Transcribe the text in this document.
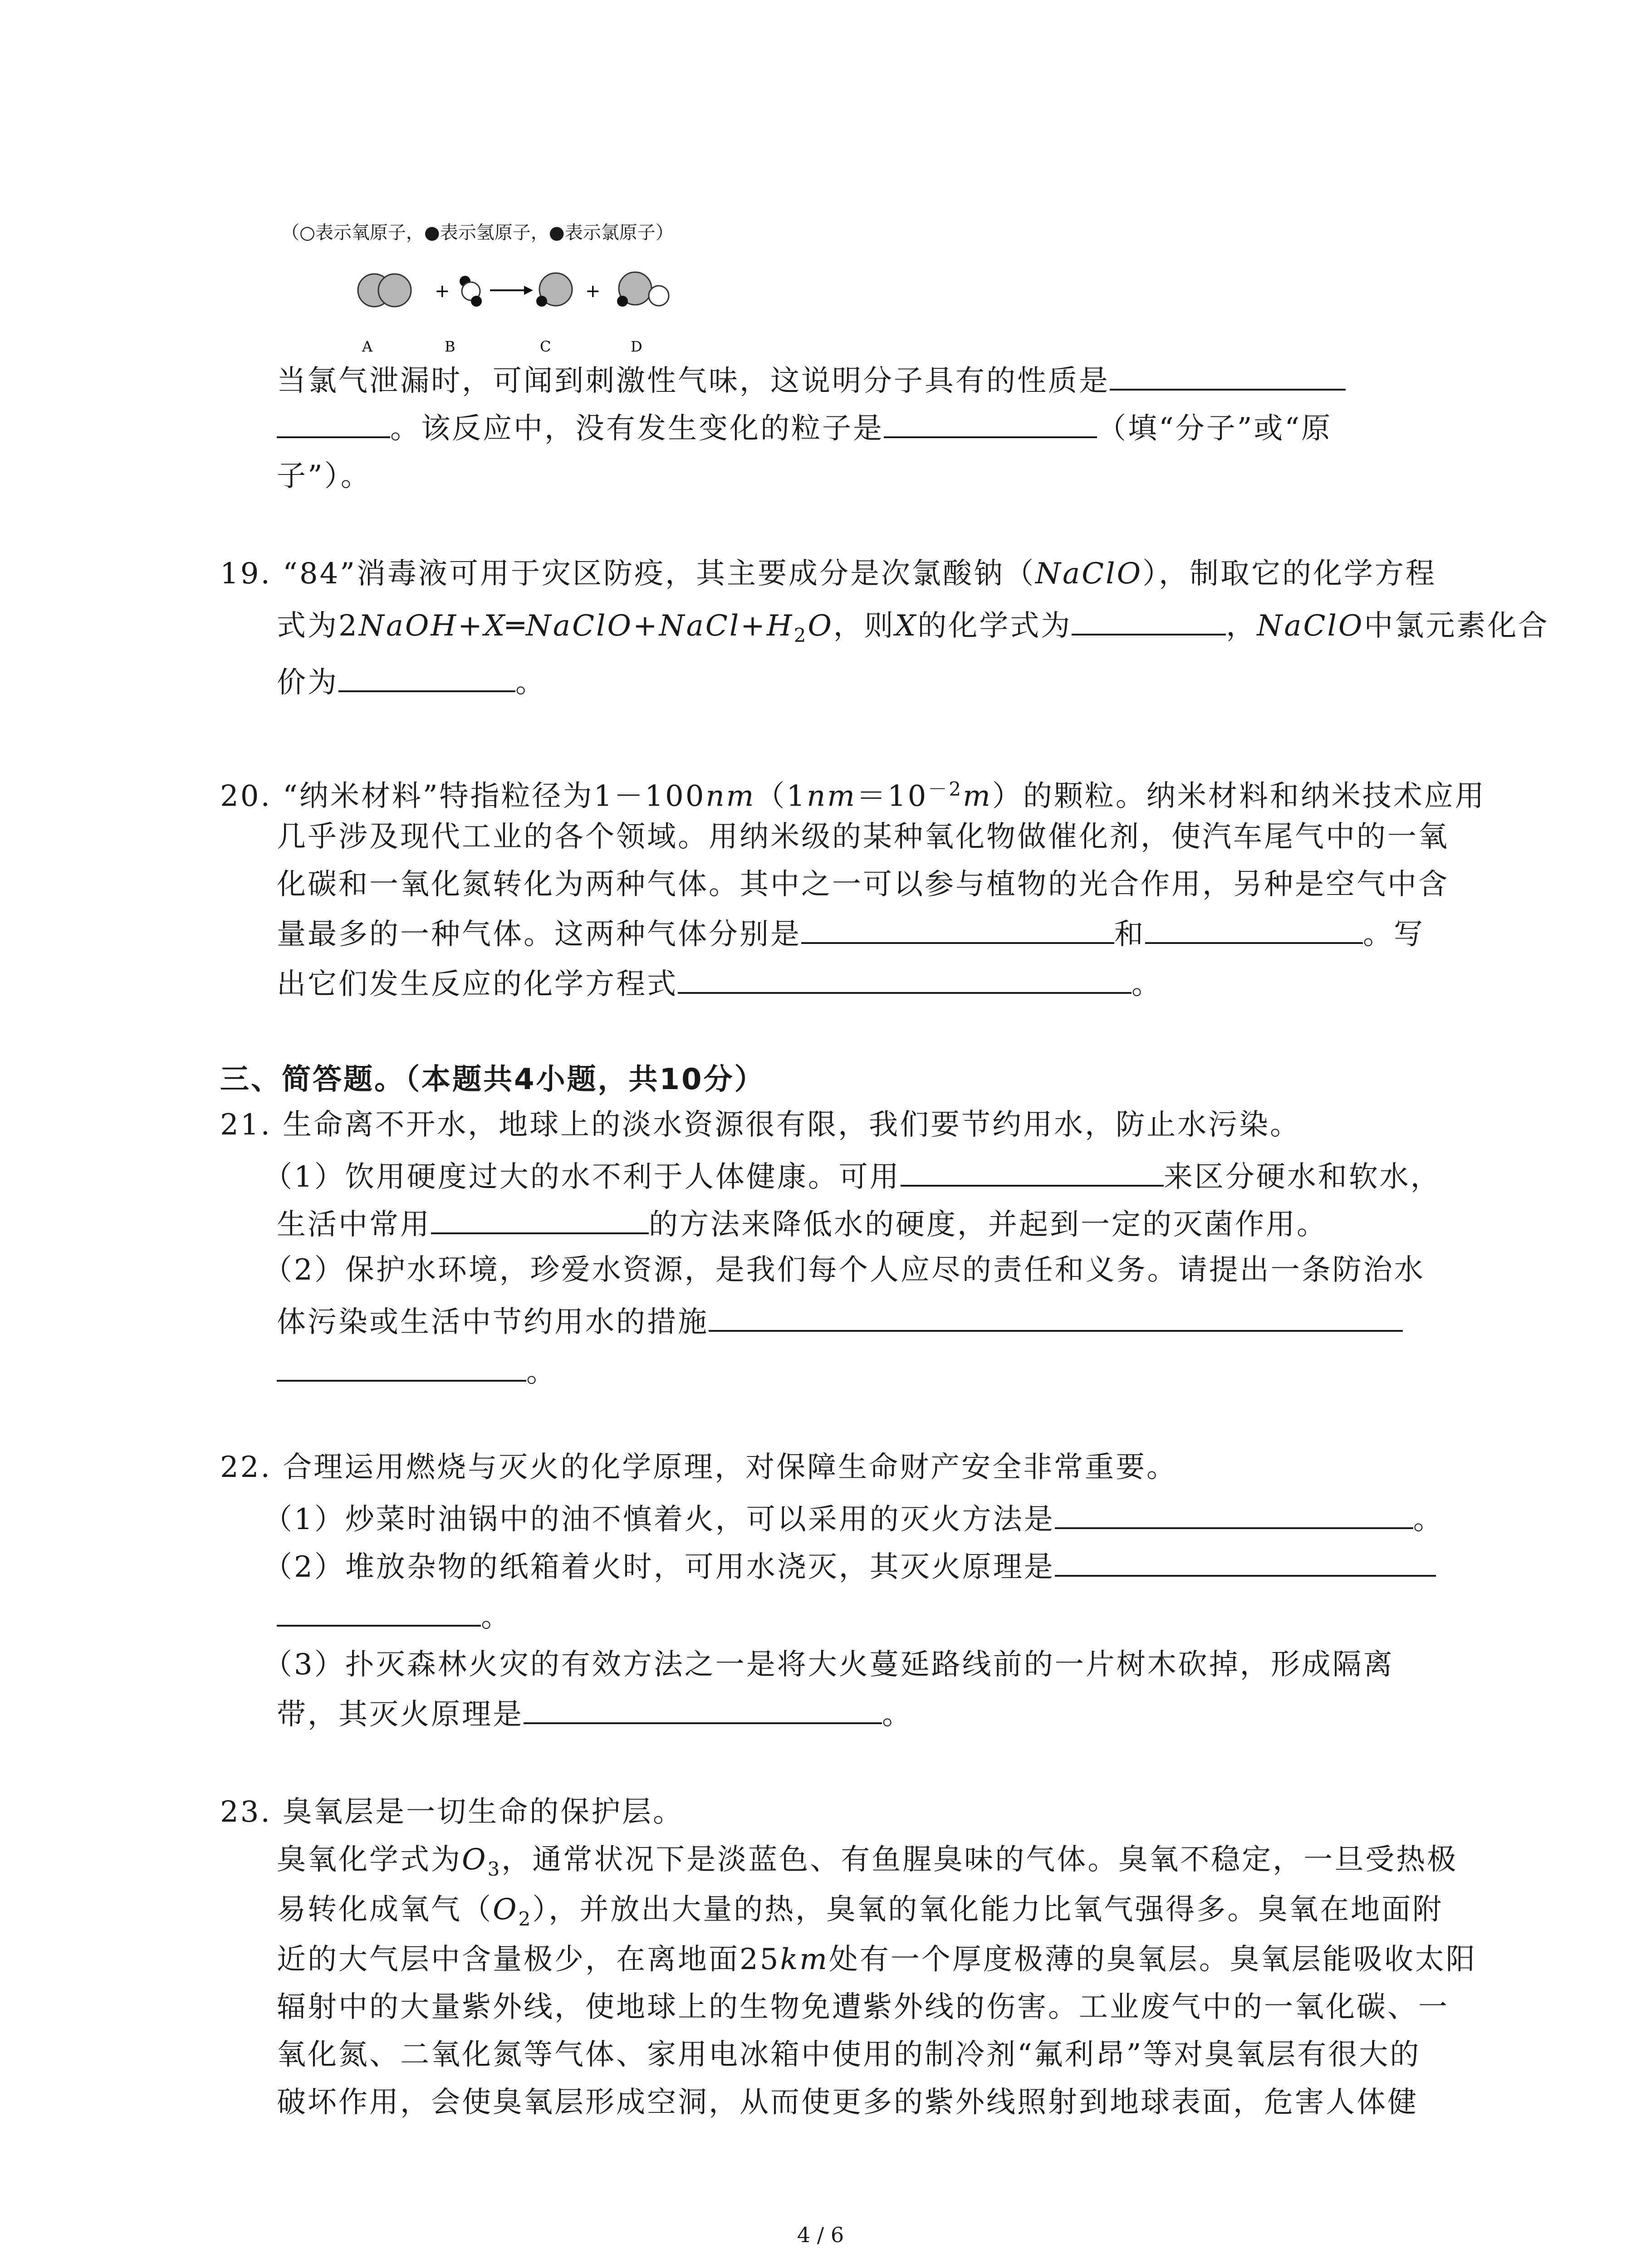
（○表示氧原子，●表示氢原子，●表示氯原子）
+	+
A	B	C	D
当氯气泄漏时，可闻到刺激性气味，这说明分子具有的性质是
。该反应中，没有发生变化的粒子是	（填“分子”或“原
子”）。
19. “84”消毒液可用于灾区防疫，其主要成分是次氯酸钠（NaClO），制取它的化学方程
式为$2NaOH+X═NaClO+NaCl+H_2O$，则X的化学式为	，NaClO中氯元素化合
价为	。
20. “纳米材料”特指粒径为$1-100nm(1nm=10^{-2}m)$的颗粒。纳米材料和纳米技术应用
几乎涉及现代工业的各个领域。用纳米级的某种氧化物做催化剂，使汽车尾气中的一氧
化碳和一氧化氮转化为两种气体。其中之一可以参与植物的光合作用，另种是空气中含
量最多的一种气体。这两种气体分别是	和	。写
出它们发生反应的化学方程式	。
三、简答题。（本题共4小题，共10分）
21. 生命离不开水，地球上的淡水资源很有限，我们要节约用水，防止水污染。
（1）饮用硬度过大的水不利于人体健康。可用	来区分硬水和软水，
生活中常用	的方法来降低水的硬度，并起到一定的灭菌作用。
（2）保护水环境，珍爱水资源，是我们每个人应尽的责任和义务。请提出一条防治水
体污染或生活中节约用水的措施
。
22. 合理运用燃烧与灭火的化学原理，对保障生命财产安全非常重要。
（1）炒菜时油锅中的油不慎着火，可以采用的灭火方法是	。
（2）堆放杂物的纸箱着火时，可用水浇灭，其灭火原理是
。
（3）扑灭森林火灾的有效方法之一是将大火蔓延路线前的一片树木砍掉，形成隔离
带，其灭火原理是	。
23. 臭氧层是一切生命的保护层。
臭氧化学式为$O_3$，通常状况下是淡蓝色、有鱼腥臭味的气体。臭氧不稳定，一旦受热极
易转化成氧气$(O_2)$，并放出大量的热，臭氧的氧化能力比氧气强得多。臭氧在地面附
近的大气层中含量极少，在离地面25km处有一个厚度极薄的臭氧层。臭氧层能吸收太阳
辐射中的大量紫外线，使地球上的生物免遭紫外线的伤害。工业废气中的一氧化碳、一
氧化氮、二氧化氮等气体、家用电冰箱中使用的制冷剂“氟利昂”等对臭氧层有很大的
破坏作用，会使臭氧层形成空洞，从而使更多的紫外线照射到地球表面，危害人体健
4 / 6
